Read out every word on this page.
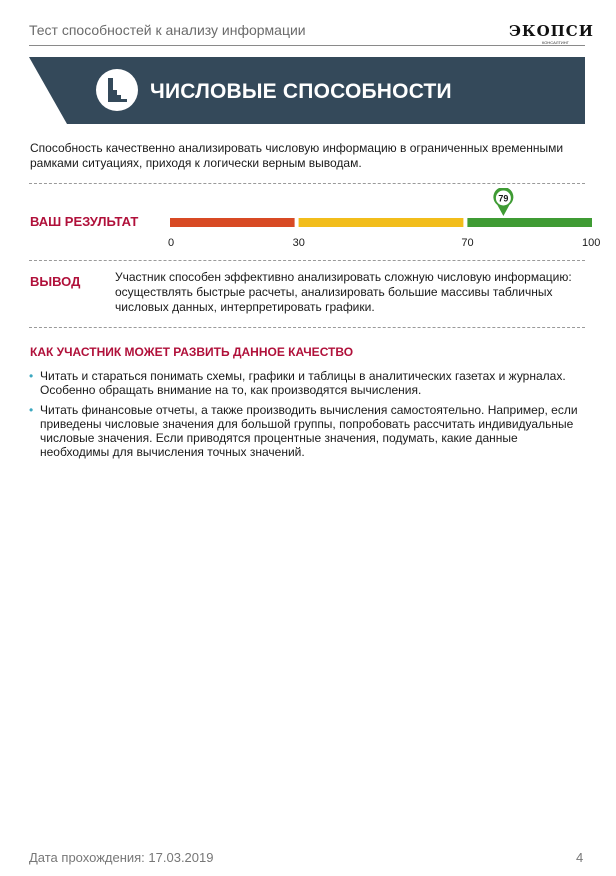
Тест способностей к анализу информации	ЭКОПСИ
КОНСАЛТИНГ
ЧИСЛОВЫЕ СПОСОБНОСТИ
Способность качественно анализировать числовую информацию в ограниченных временными рамками ситуациях, приходя к логически верным выводам.
ВАШ РЕЗУЛЬТАТ
79
0	30	70	100
ВЫВОД	Участник способен эффективно анализировать сложную числовую информацию: осуществлять быстрые расчеты, анализировать большие массивы табличных числовых данных, интерпретировать графики.
КАК УЧАСТНИК МОЖЕТ РАЗВИТЬ ДАННОЕ КАЧЕСТВО
• Читать и стараться понимать схемы, графики и таблицы в аналитических газетах и журналах. Особенно обращать внимание на то, как производятся вычисления.
• Читать финансовые отчеты, а также производить вычисления самостоятельно. Например, если приведены числовые значения для большой группы, попробовать рассчитать индивидуальные числовые значения. Если приводятся процентные значения, подумать, какие данные необходимы для вычисления точных значений.
Дата прохождения: 17.03.2019	4
